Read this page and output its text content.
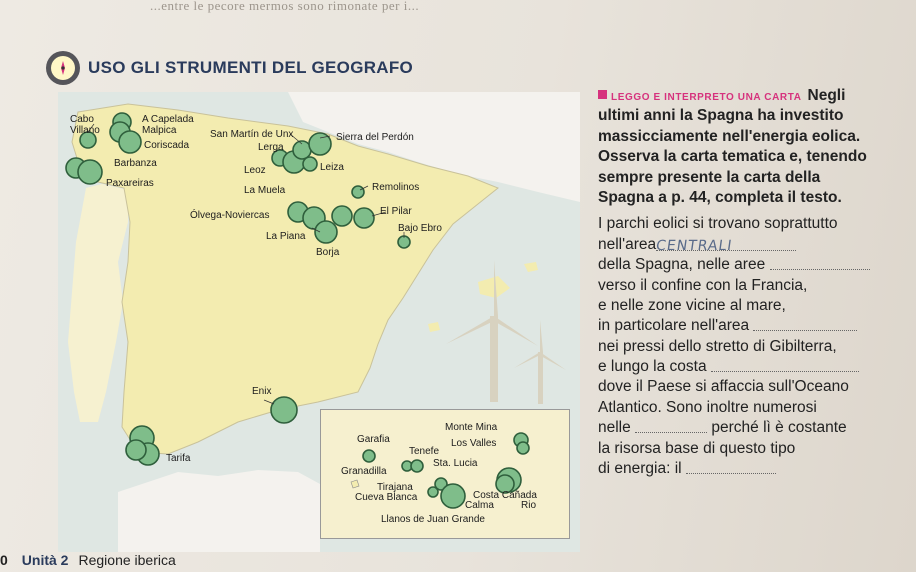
...entre le pecore mermos sono rimonate per i...
USO GLI STRUMENTI DEL GEOGRAFO
Cabo
Villano
A Capelada
Malpica
Coriscada
Barbanza
Paxareiras
San Martín de Unx
Lerga
Sierra del Perdón
Leoz	Leiza
La Muela	Remolinos
Ólvega-Noviercas	El Pilar
La Piana
Bajo Ebro
Borja
Enix
Tarifa
Monte Mina
Garafia	Los Valles
Tenefe
Sta. Lucia
Granadilla
Tirajana
Cueva Blanca	Costa Cañada
Calma	Rio
Llanos de Juan Grande
LEGGO E INTERPRETO UNA CARTA Negli
ultimi anni la Spagna ha investito
massicciamente nell'energia eolica.
Osserva la carta tematica e, tenendo
sempre presente la carta della
Spagna a p. 44, completa il testo.
I parchi eolici si trovano soprattutto
nell'areaCENTRALI
della Spagna, nelle aree
verso il confine con la Francia,
e nelle zone vicine al mare,
in particolare nell'area
nei pressi dello stretto di Gibilterra,
e lungo la costa
dove il Paese si affaccia sull'Oceano
Atlantico. Sono inoltre numerosi
nelle	perché lì è costante
la risorsa base di questo tipo
di energia: il
0 Unità 2 Regione iberica
